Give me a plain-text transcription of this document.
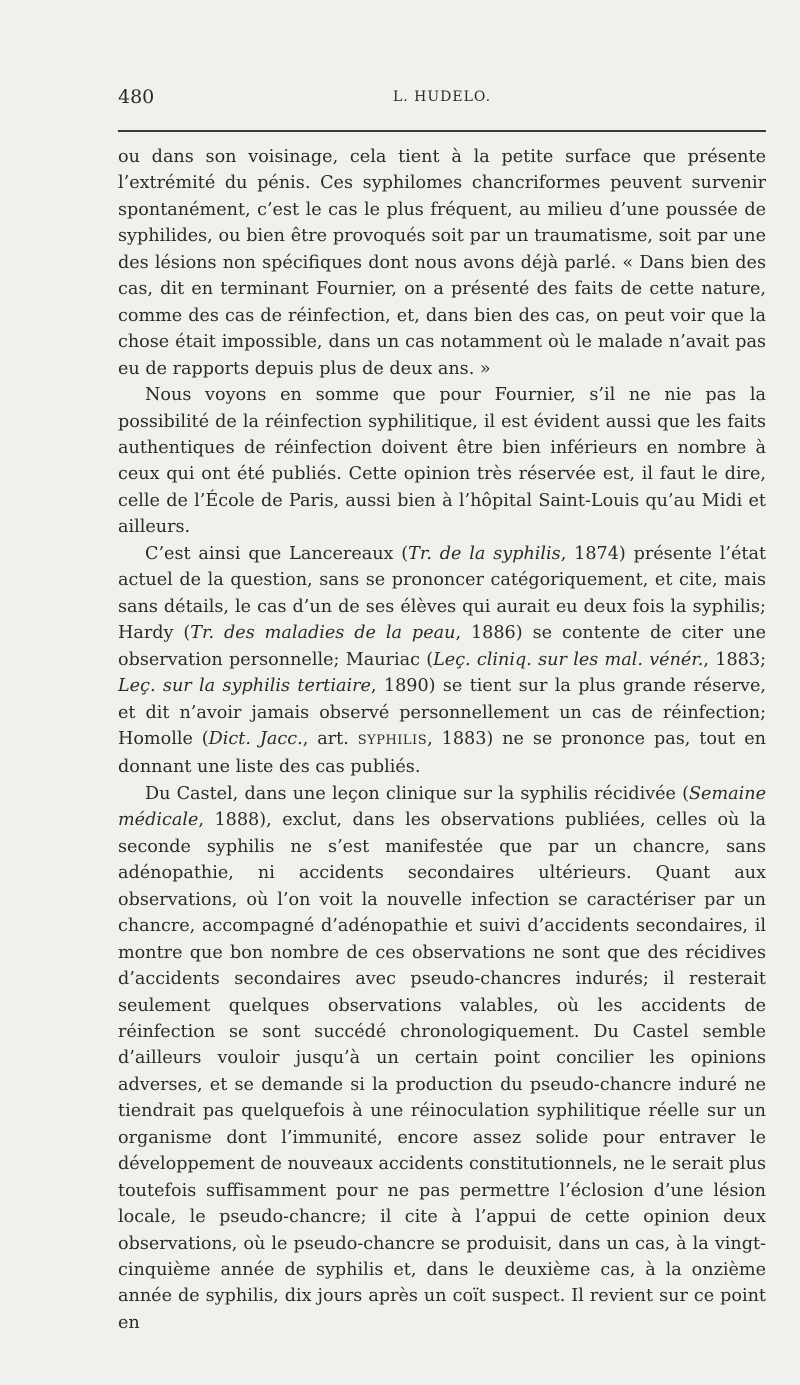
480	L. HUDELO.

ou dans son voisinage, cela tient à la petite surface que présente l’extrémité du pénis. Ces syphilomes chancriformes peuvent survenir spontanément, c’est le cas le plus fréquent, au milieu d’une poussée de syphilides, ou bien être provoqués soit par un traumatisme, soit par une des lésions non spécifiques dont nous avons déjà parlé. « Dans bien des cas, dit en terminant Fournier, on a présenté des faits de cette nature, comme des cas de réinfection, et, dans bien des cas, on peut voir que la chose était impossible, dans un cas notamment où le malade n’avait pas eu de rapports depuis plus de deux ans. »

Nous voyons en somme que pour Fournier, s’il ne nie pas la possibilité de la réinfection syphilitique, il est évident aussi que les faits authentiques de réinfection doivent être bien inférieurs en nombre à ceux qui ont été publiés. Cette opinion très réservée est, il faut le dire, celle de l’École de Paris, aussi bien à l’hôpital Saint-Louis qu’au Midi et ailleurs.

C’est ainsi que Lancereaux (Tr. de la syphilis, 1874) présente l’état actuel de la question, sans se prononcer catégoriquement, et cite, mais sans détails, le cas d’un de ses élèves qui aurait eu deux fois la syphilis; Hardy (Tr. des maladies de la peau, 1886) se contente de citer une observation personnelle; Mauriac (Leç. cliniq. sur les mal. vénér., 1883; Leç. sur la syphilis tertiaire, 1890) se tient sur la plus grande réserve, et dit n’avoir jamais observé personnellement un cas de réinfection; Homolle (Dict. Jacc., art. SYPHILIS, 1883) ne se prononce pas, tout en donnant une liste des cas publiés.

Du Castel, dans une leçon clinique sur la syphilis récidivée (Semaine médicale, 1888), exclut, dans les observations publiées, celles où la seconde syphilis ne s’est manifestée que par un chancre, sans adénopathie, ni accidents secondaires ultérieurs. Quant aux observations, où l’on voit la nouvelle infection se caractériser par un chancre, accompagné d’adénopathie et suivi d’accidents secondaires, il montre que bon nombre de ces observations ne sont que des récidives d’accidents secondaires avec pseudo-chancres indurés; il resterait seulement quelques observations valables, où les accidents de réinfection se sont succédé chronologiquement. Du Castel semble d’ailleurs vouloir jusqu’à un certain point concilier les opinions adverses, et se demande si la production du pseudo-chancre induré ne tiendrait pas quelquefois à une réinoculation syphilitique réelle sur un organisme dont l’immunité, encore assez solide pour entraver le développement de nouveaux accidents constitutionnels, ne le serait plus toutefois suffisamment pour ne pas permettre l’éclosion d’une lésion locale, le pseudo-chancre; il cite à l’appui de cette opinion deux observations, où le pseudo-chancre se produisit, dans un cas, à la vingt-cinquième année de syphilis et, dans le deuxième cas, à la onzième année de syphilis, dix jours après un coït suspect. Il revient sur ce point en
